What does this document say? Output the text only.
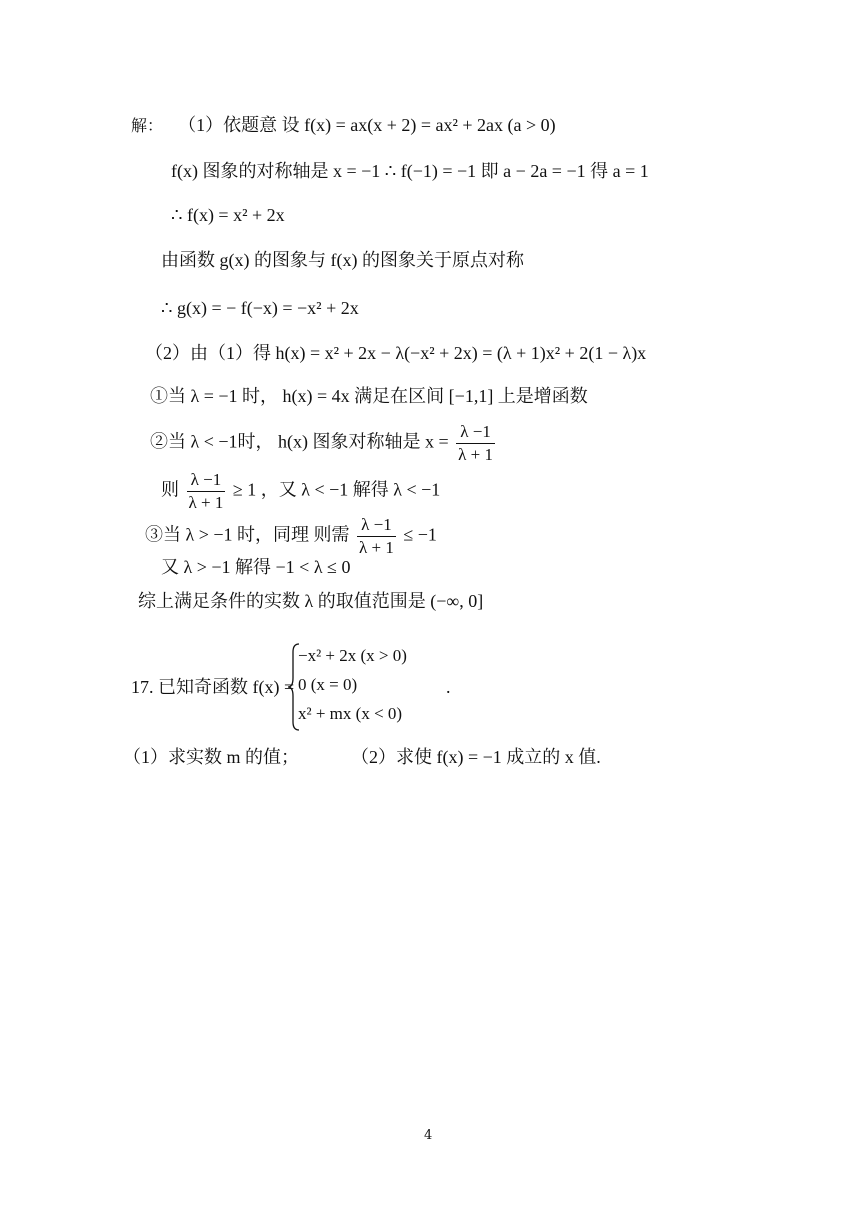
解： （1）依题意 设 f(x) = ax(x + 2) = ax² + 2ax (a > 0)
f(x) 图象的对称轴是 x = −1 ∴ f(−1) = −1 即 a − 2a = −1 得 a = 1
∴ f(x) = x² + 2x
由函数 g(x) 的图象与 f(x) 的图象关于原点对称
∴ g(x) = − f(−x) = −x² + 2x
（2）由（1）得 h(x) = x² + 2x − λ(−x² + 2x) = (λ + 1)x² + 2(1 − λ)x
①当 λ = −1 时， h(x) = 4x 满足在区间 [−1,1] 上是增函数
②当 λ < −1时， h(x) 图象对称轴是 $x = \frac{\lambda -1}{\lambda + 1}$
则 $\frac{\lambda -1}{\lambda + 1} \ge 1$ ，又 λ < −1 解得 λ < −1
③当 λ > −1 时，同理 则需 $\frac{\lambda -1}{\lambda + 1} \le -1$
又 λ > −1 解得 −1 < λ ≤ 0
综上满足条件的实数 λ 的取值范围是 (−∞, 0]
17. 已知奇函数 f(x) =
−x² + 2x (x > 0)
0 (x = 0)
x² + mx (x < 0)
.
（1）求实数 m 的值；	（2）求使 f(x) = −1 成立的 x 值.
4
